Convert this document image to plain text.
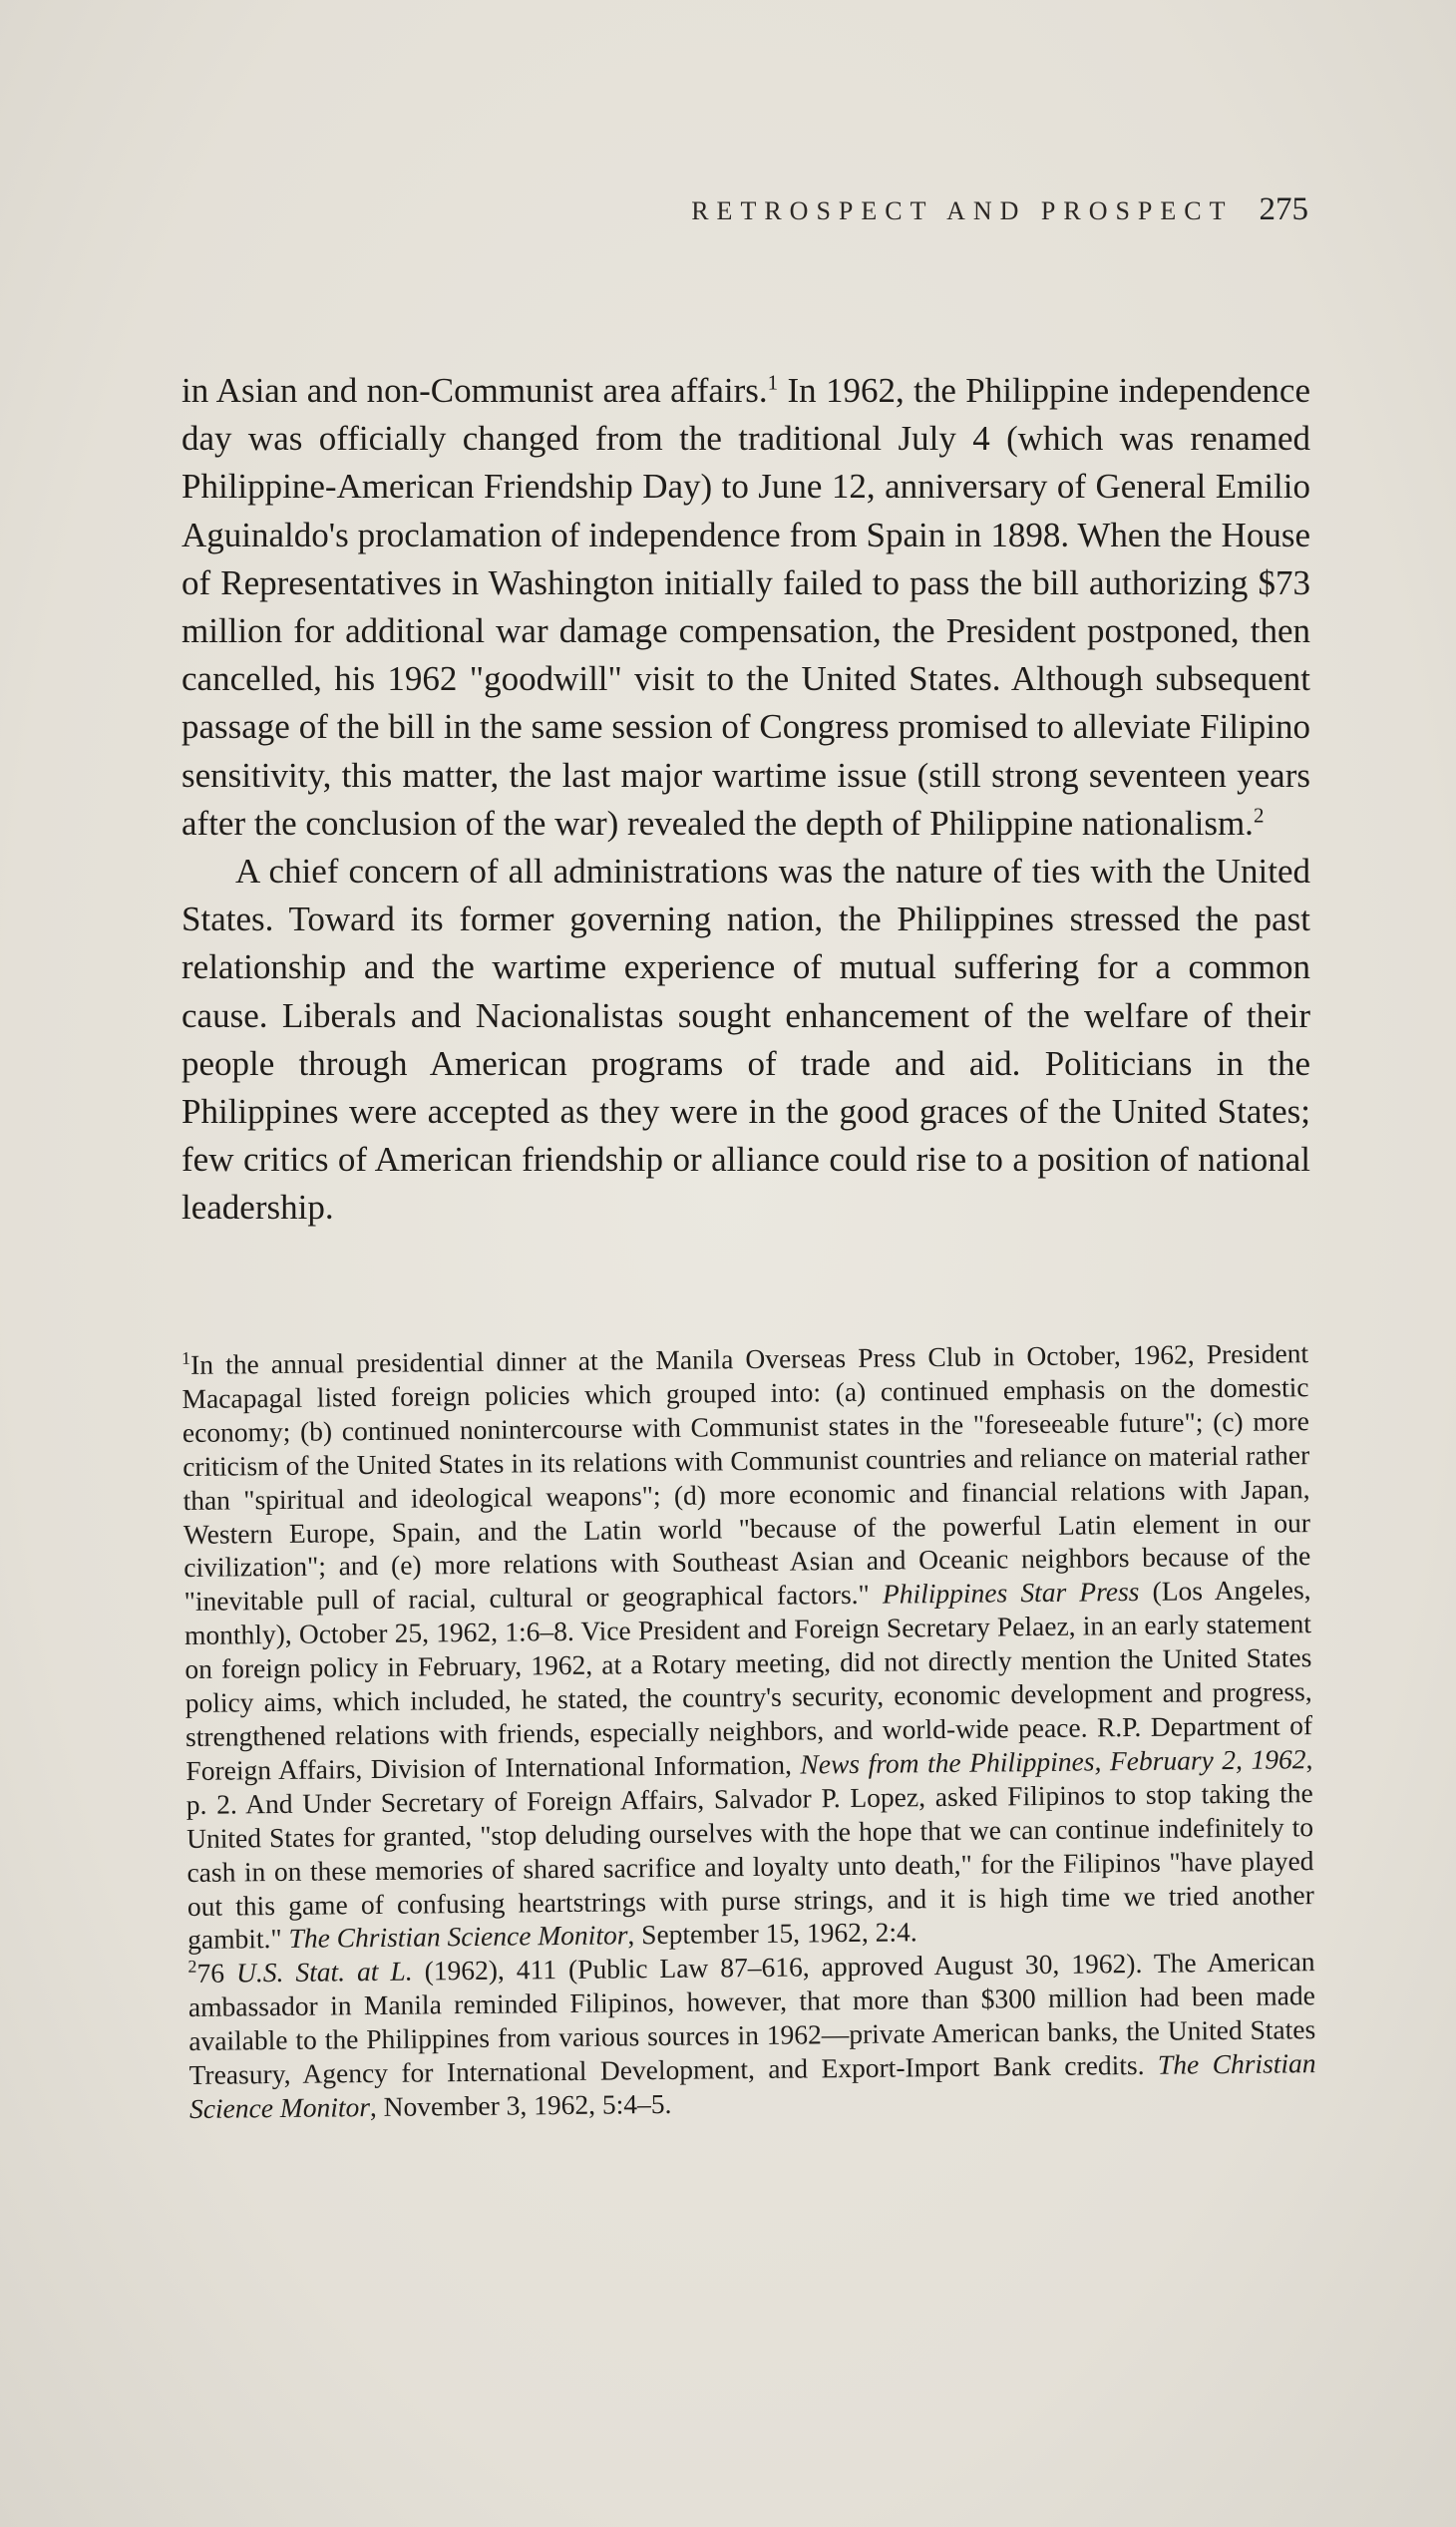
RETROSPECT AND PROSPECT 275

in Asian and non-Communist area affairs.$^1$ In 1962, the Philippine independence day was officially changed from the traditional July 4 (which was renamed Philippine-American Friendship Day) to June 12, anniversary of General Emilio Aguinaldo's proclamation of independence from Spain in 1898. When the House of Representatives in Washington initially failed to pass the bill authorizing $73 million for additional war damage compensation, the President postponed, then cancelled, his 1962 "goodwill" visit to the United States. Although subsequent passage of the bill in the same session of Congress promised to alleviate Filipino sensitivity, this matter, the last major wartime issue (still strong seventeen years after the conclusion of the war) revealed the depth of Philippine nationalism.$^2$

A chief concern of all administrations was the nature of ties with the United States. Toward its former governing nation, the Philippines stressed the past relationship and the wartime experience of mutual suffering for a common cause. Liberals and Nacionalistas sought enhancement of the welfare of their people through American programs of trade and aid. Politicians in the Philippines were accepted as they were in the good graces of the United States; few critics of American friendship or alliance could rise to a position of national leadership.

$^1$In the annual presidential dinner at the Manila Overseas Press Club in October, 1962, President Macapagal listed foreign policies which grouped into: (a) continued emphasis on the domestic economy; (b) continued nonintercourse with Communist states in the "foreseeable future"; (c) more criticism of the United States in its relations with Communist countries and reliance on material rather than "spiritual and ideological weapons"; (d) more economic and financial relations with Japan, Western Europe, Spain, and the Latin world "because of the powerful Latin element in our civilization"; and (e) more relations with Southeast Asian and Oceanic neighbors because of the "inevitable pull of racial, cultural or geographical factors." Philippines Star Press (Los Angeles, monthly), October 25, 1962, 1:6–8. Vice President and Foreign Secretary Pelaez, in an early statement on foreign policy in February, 1962, at a Rotary meeting, did not directly mention the United States policy aims, which included, he stated, the country's security, economic development and progress, strengthened relations with friends, especially neighbors, and world-wide peace. R.P. Department of Foreign Affairs, Division of International Information, News from the Philippines, February 2, 1962, p. 2. And Under Secretary of Foreign Affairs, Salvador P. Lopez, asked Filipinos to stop taking the United States for granted, "stop deluding ourselves with the hope that we can continue indefinitely to cash in on these memories of shared sacrifice and loyalty unto death," for the Filipinos "have played out this game of confusing heartstrings with purse strings, and it is high time we tried another gambit." The Christian Science Monitor, September 15, 1962, 2:4.

$^2$76 U.S. Stat. at L. (1962), 411 (Public Law 87–616, approved August 30, 1962). The American ambassador in Manila reminded Filipinos, however, that more than $300 million had been made available to the Philippines from various sources in 1962—private American banks, the United States Treasury, Agency for International Development, and Export-Import Bank credits. The Christian Science Monitor, November 3, 1962, 5:4–5.
